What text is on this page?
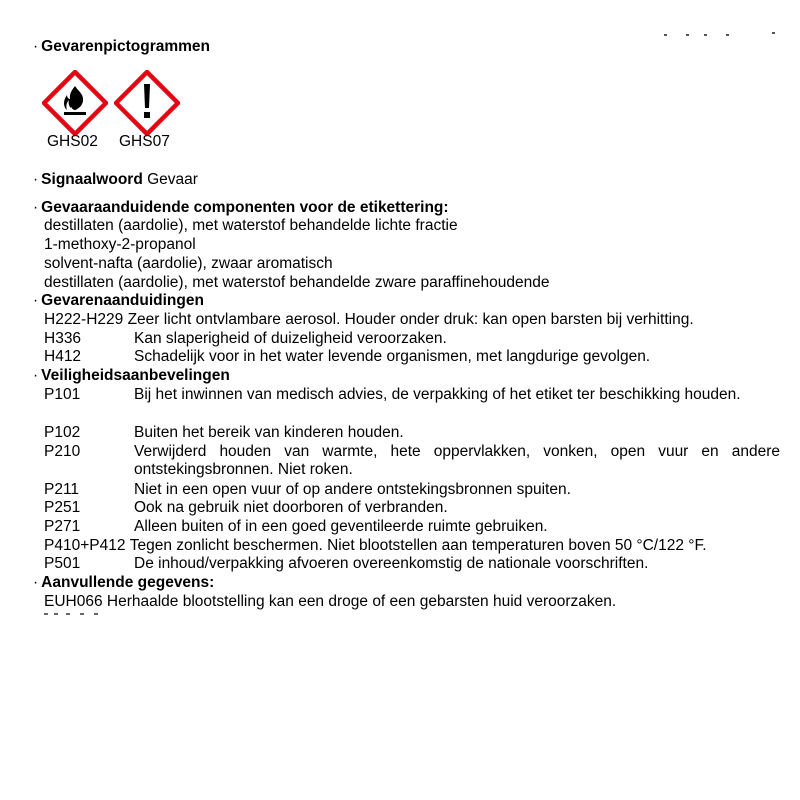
· Gevarenpictogrammen
GHS02 GHS07
· Signaalwoord Gevaar
· Gevaaraanduidende componenten voor de etikettering:
destillaten (aardolie), met waterstof behandelde lichte fractie
1-methoxy-2-propanol
solvent-nafta (aardolie), zwaar aromatisch
destillaten (aardolie), met waterstof behandelde zware paraffinehoudende
· Gevarenaanduidingen
H222-H229 Zeer licht ontvlambare aerosol. Houder onder druk: kan open barsten bij verhitting.
H336	Kan slaperigheid of duizeligheid veroorzaken.
H412	Schadelijk voor in het water levende organismen, met langdurige gevolgen.
· Veiligheidsaanbevelingen
P101	Bij het inwinnen van medisch advies, de verpakking of het etiket ter beschikking houden.
P102	Buiten het bereik van kinderen houden.
P210	Verwijderd houden van warmte, hete oppervlakken, vonken, open vuur en andere ontstekingsbronnen. Niet roken.
P211	Niet in een open vuur of op andere ontstekingsbronnen spuiten.
P251	Ook na gebruik niet doorboren of verbranden.
P271	Alleen buiten of in een goed geventileerde ruimte gebruiken.
P410+P412 Tegen zonlicht beschermen. Niet blootstellen aan temperaturen boven 50 °C/122 °F.
P501	De inhoud/verpakking afvoeren overeenkomstig de nationale voorschriften.
· Aanvullende gegevens:
EUH066 Herhaalde blootstelling kan een droge of een gebarsten huid veroorzaken.
